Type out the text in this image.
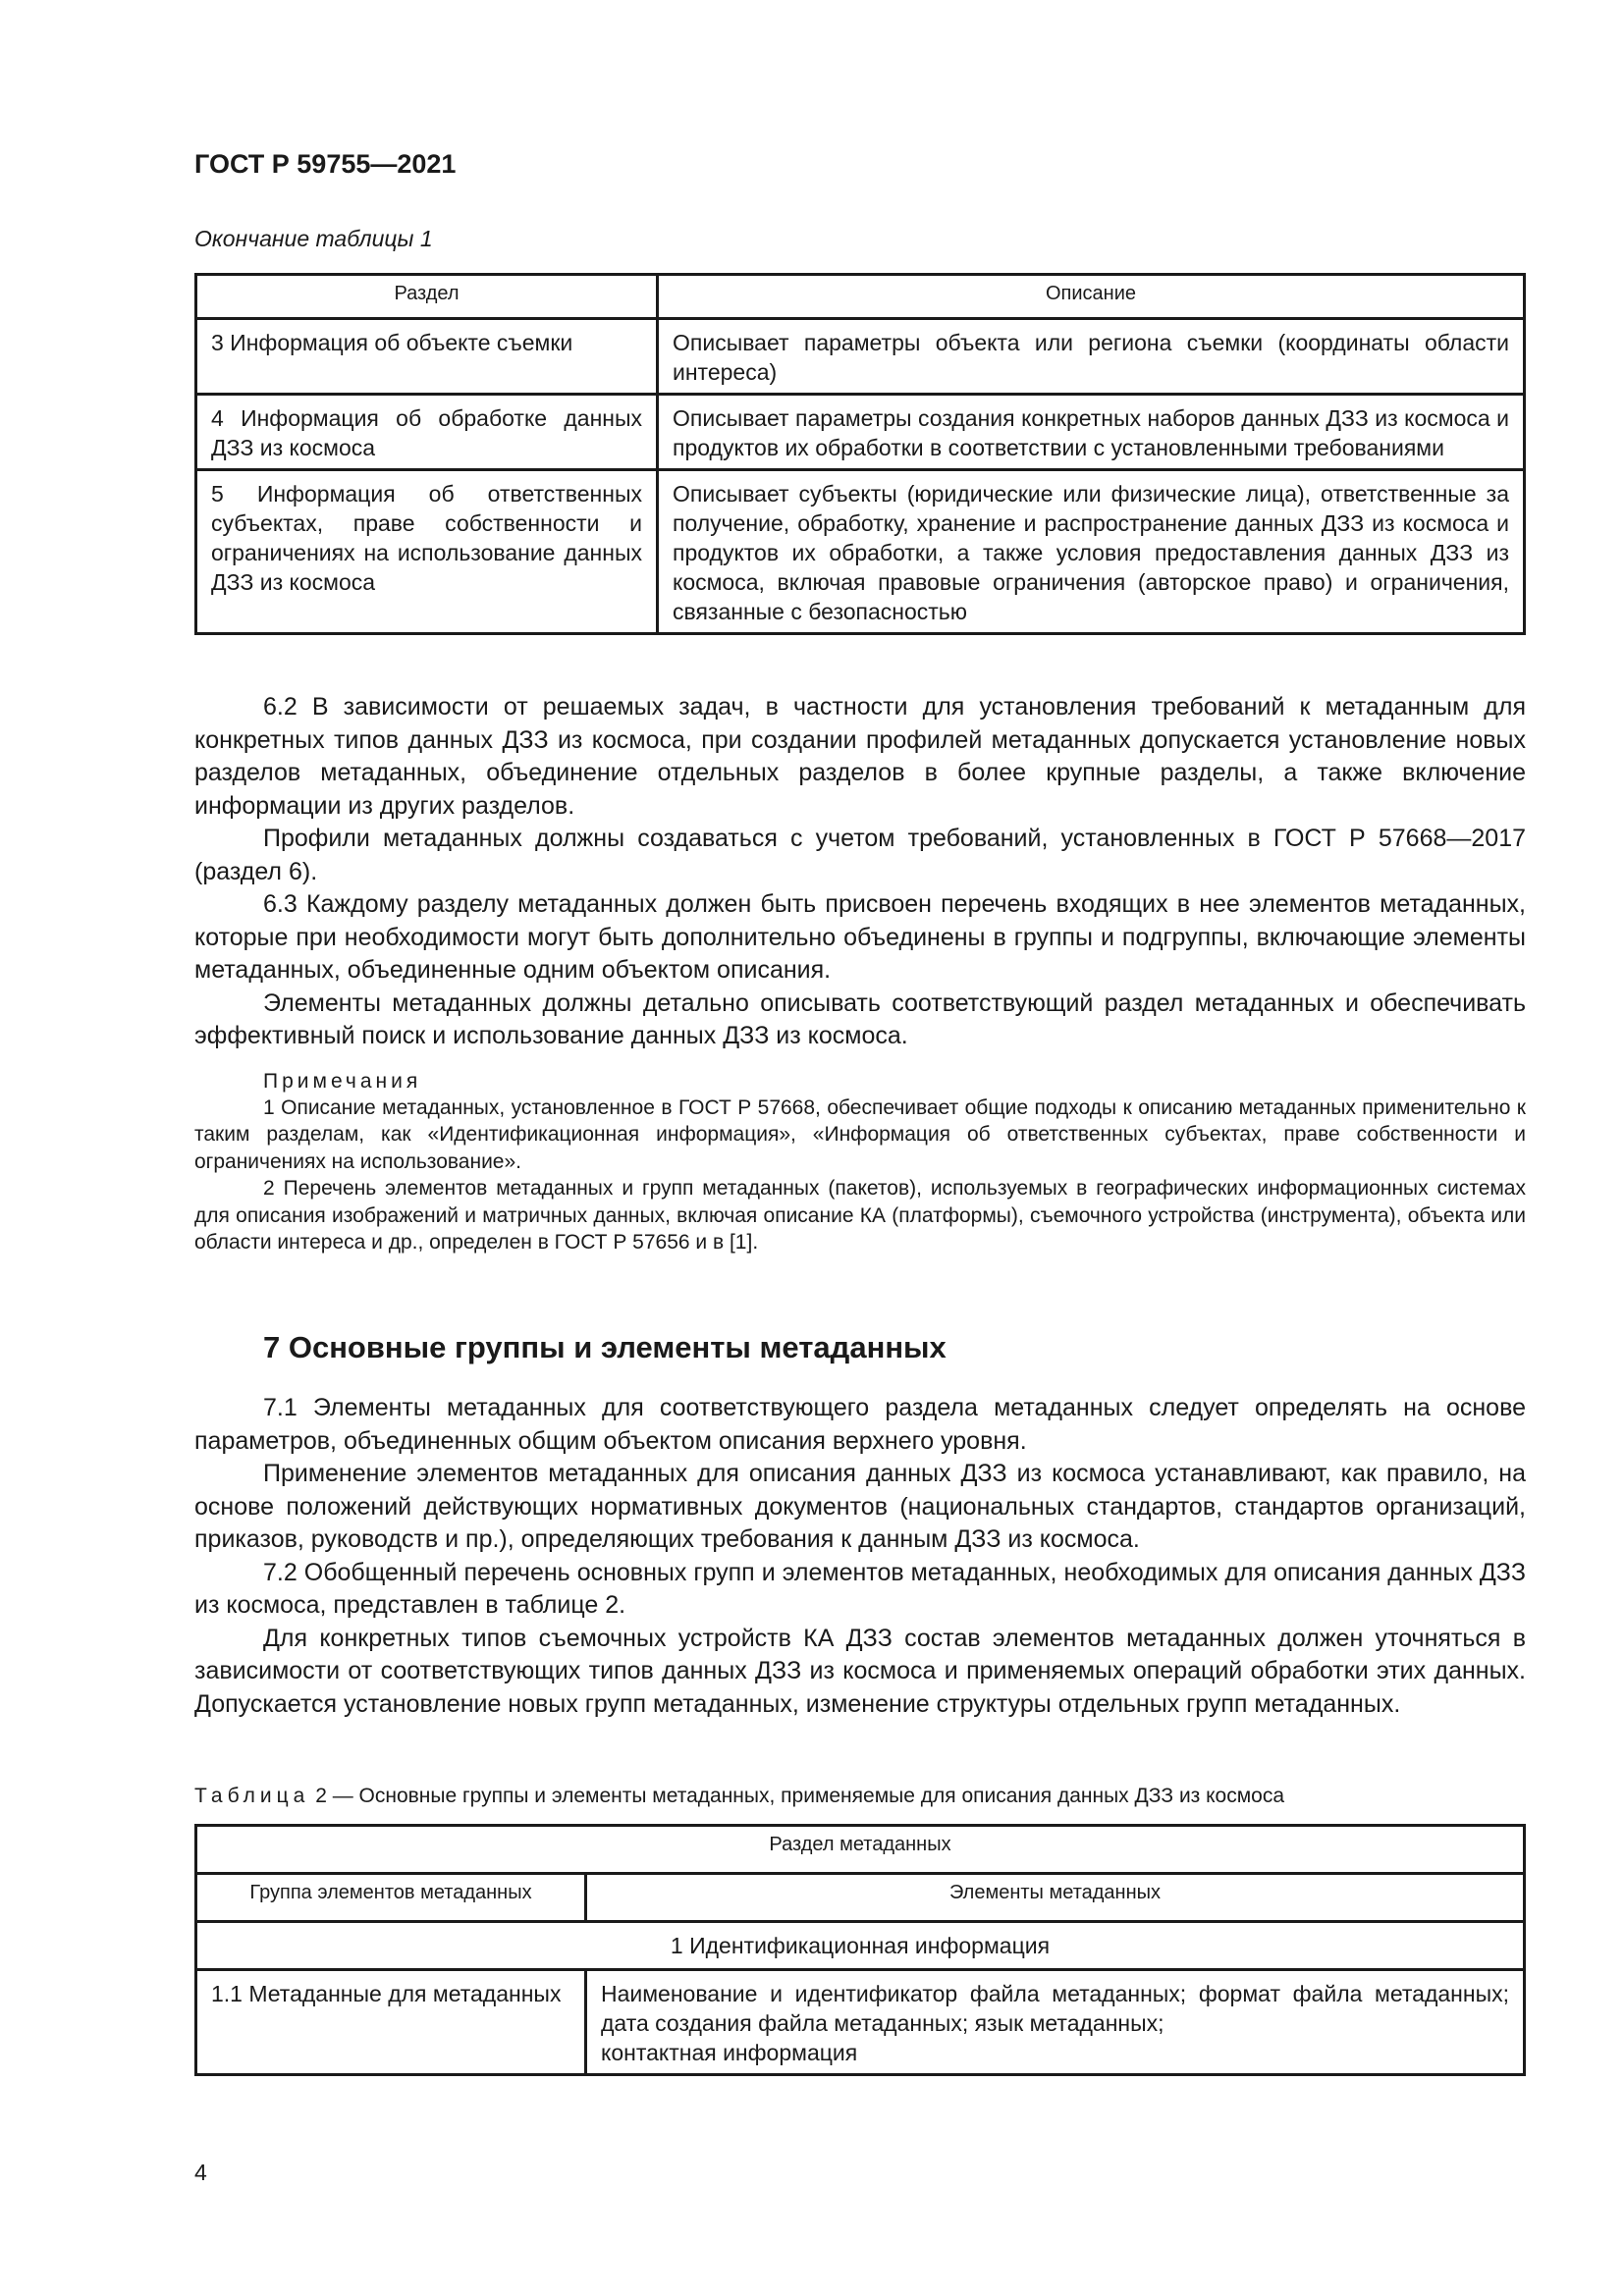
ГОСТ Р 59755—2021
Окончание таблицы 1
Раздел	Описание
3 Информация об объекте съемки	Описывает параметры объекта или региона съемки (координаты области интереса)
4 Информация об обработке данных ДЗЗ из космоса	Описывает параметры создания конкретных наборов данных ДЗЗ из космоса и продуктов их обработки в соответствии с установленными требованиями
5 Информация об ответственных субъектах, праве собственности и ограничениях на использование данных ДЗЗ из космоса	Описывает субъекты (юридические или физические лица), ответственные за получение, обработку, хранение и распространение данных ДЗЗ из космоса и продуктов их обработки, а также условия предоставления данных ДЗЗ из космоса, включая правовые ограничения (авторское право) и ограничения, связанные с безопасностью

6.2 В зависимости от решаемых задач, в частности для установления требований к метаданным для конкретных типов данных ДЗЗ из космоса, при создании профилей метаданных допускается установление новых разделов метаданных, объединение отдельных разделов в более крупные разделы, а также включение информации из других разделов.

Профили метаданных должны создаваться с учетом требований, установленных в ГОСТ Р 57668—2017 (раздел 6).

6.3 Каждому разделу метаданных должен быть присвоен перечень входящих в нее элементов метаданных, которые при необходимости могут быть дополнительно объединены в группы и подгруппы, включающие элементы метаданных, объединенные одним объектом описания.

Элементы метаданных должны детально описывать соответствующий раздел метаданных и обеспечивать эффективный поиск и использование данных ДЗЗ из космоса.

Примечания

1 Описание метаданных, установленное в ГОСТ Р 57668, обеспечивает общие подходы к описанию метаданных применительно к таким разделам, как «Идентификационная информация», «Информация об ответственных субъектах, праве собственности и ограничениях на использование».

2 Перечень элементов метаданных и групп метаданных (пакетов), используемых в географических информационных системах для описания изображений и матричных данных, включая описание КА (платформы), съемочного устройства (инструмента), объекта или области интереса и др., определен в ГОСТ Р 57656 и в [1].

7 Основные группы и элементы метаданных

7.1 Элементы метаданных для соответствующего раздела метаданных следует определять на основе параметров, объединенных общим объектом описания верхнего уровня.

Применение элементов метаданных для описания данных ДЗЗ из космоса устанавливают, как правило, на основе положений действующих нормативных документов (национальных стандартов, стандартов организаций, приказов, руководств и пр.), определяющих требования к данным ДЗЗ из космоса.

7.2 Обобщенный перечень основных групп и элементов метаданных, необходимых для описания данных ДЗЗ из космоса, представлен в таблице 2.

Для конкретных типов съемочных устройств КА ДЗЗ состав элементов метаданных должен уточняться в зависимости от соответствующих типов данных ДЗЗ из космоса и применяемых операций обработки этих данных. Допускается установление новых групп метаданных, изменение структуры отдельных групп метаданных.

Таблица 2 — Основные группы и элементы метаданных, применяемые для описания данных ДЗЗ из космоса
Раздел метаданных	
Группа элементов метаданных	Элементы метаданных
1 Идентификационная информация	
1.1 Метаданные для метаданных	Наименование и идентификатор файла метаданных; формат файла метаданных; дата создания файла метаданных; язык метаданных;
контактная информация
4
